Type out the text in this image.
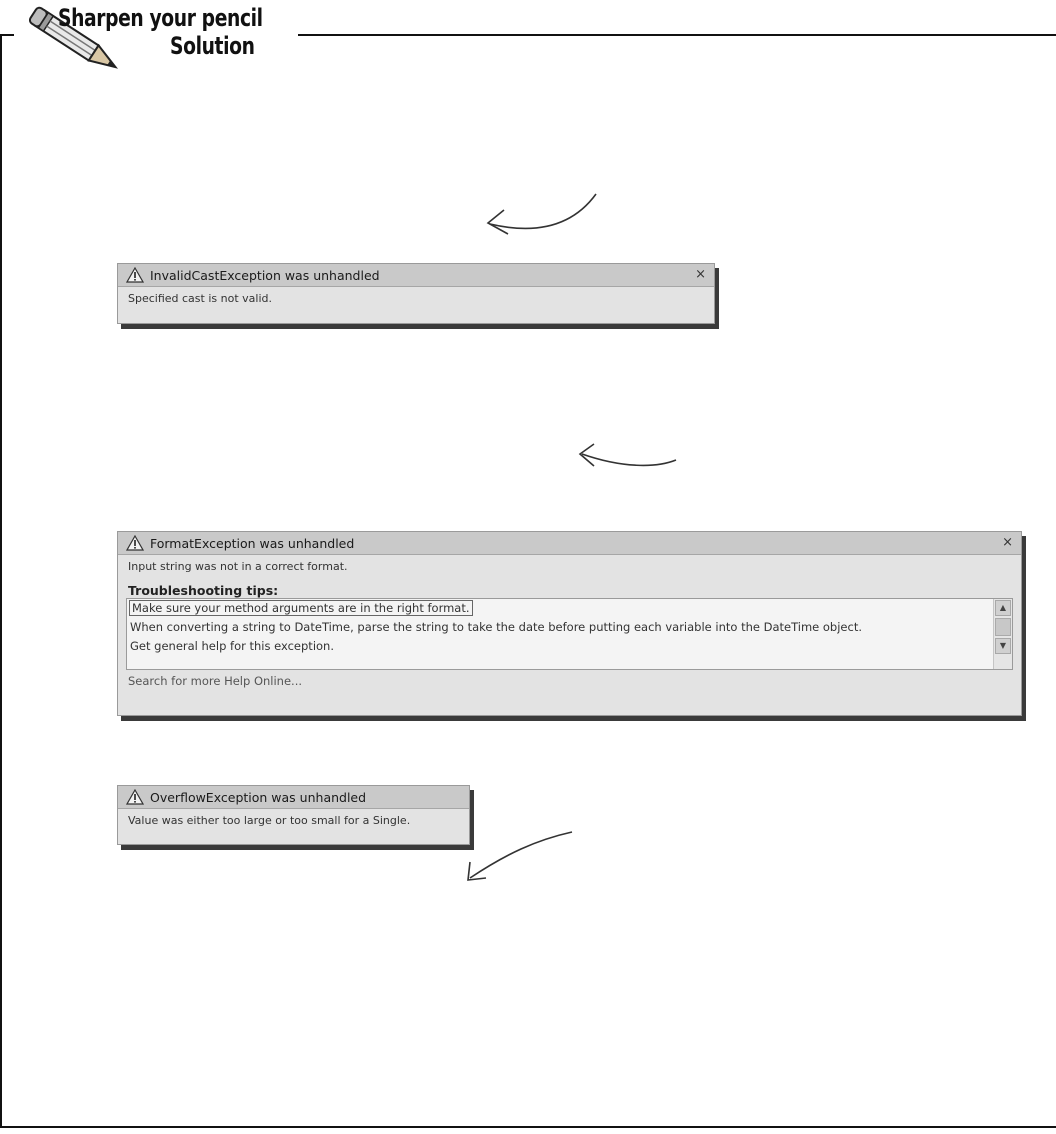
Sharpen your pencil
Solution
InvalidCastException was unhandled	×
Specified cast is not valid.
FormatException was unhandled	×
Input string was not in a correct format.
Troubleshooting tips:
Make sure your method arguments are in the right format.
When converting a string to DateTime, parse the string to take the date before putting each variable into the DateTime object.
Get general help for this exception.
▲
▼
Search for more Help Online...
OverflowException was unhandled
Value was either too large or too small for a Single.
